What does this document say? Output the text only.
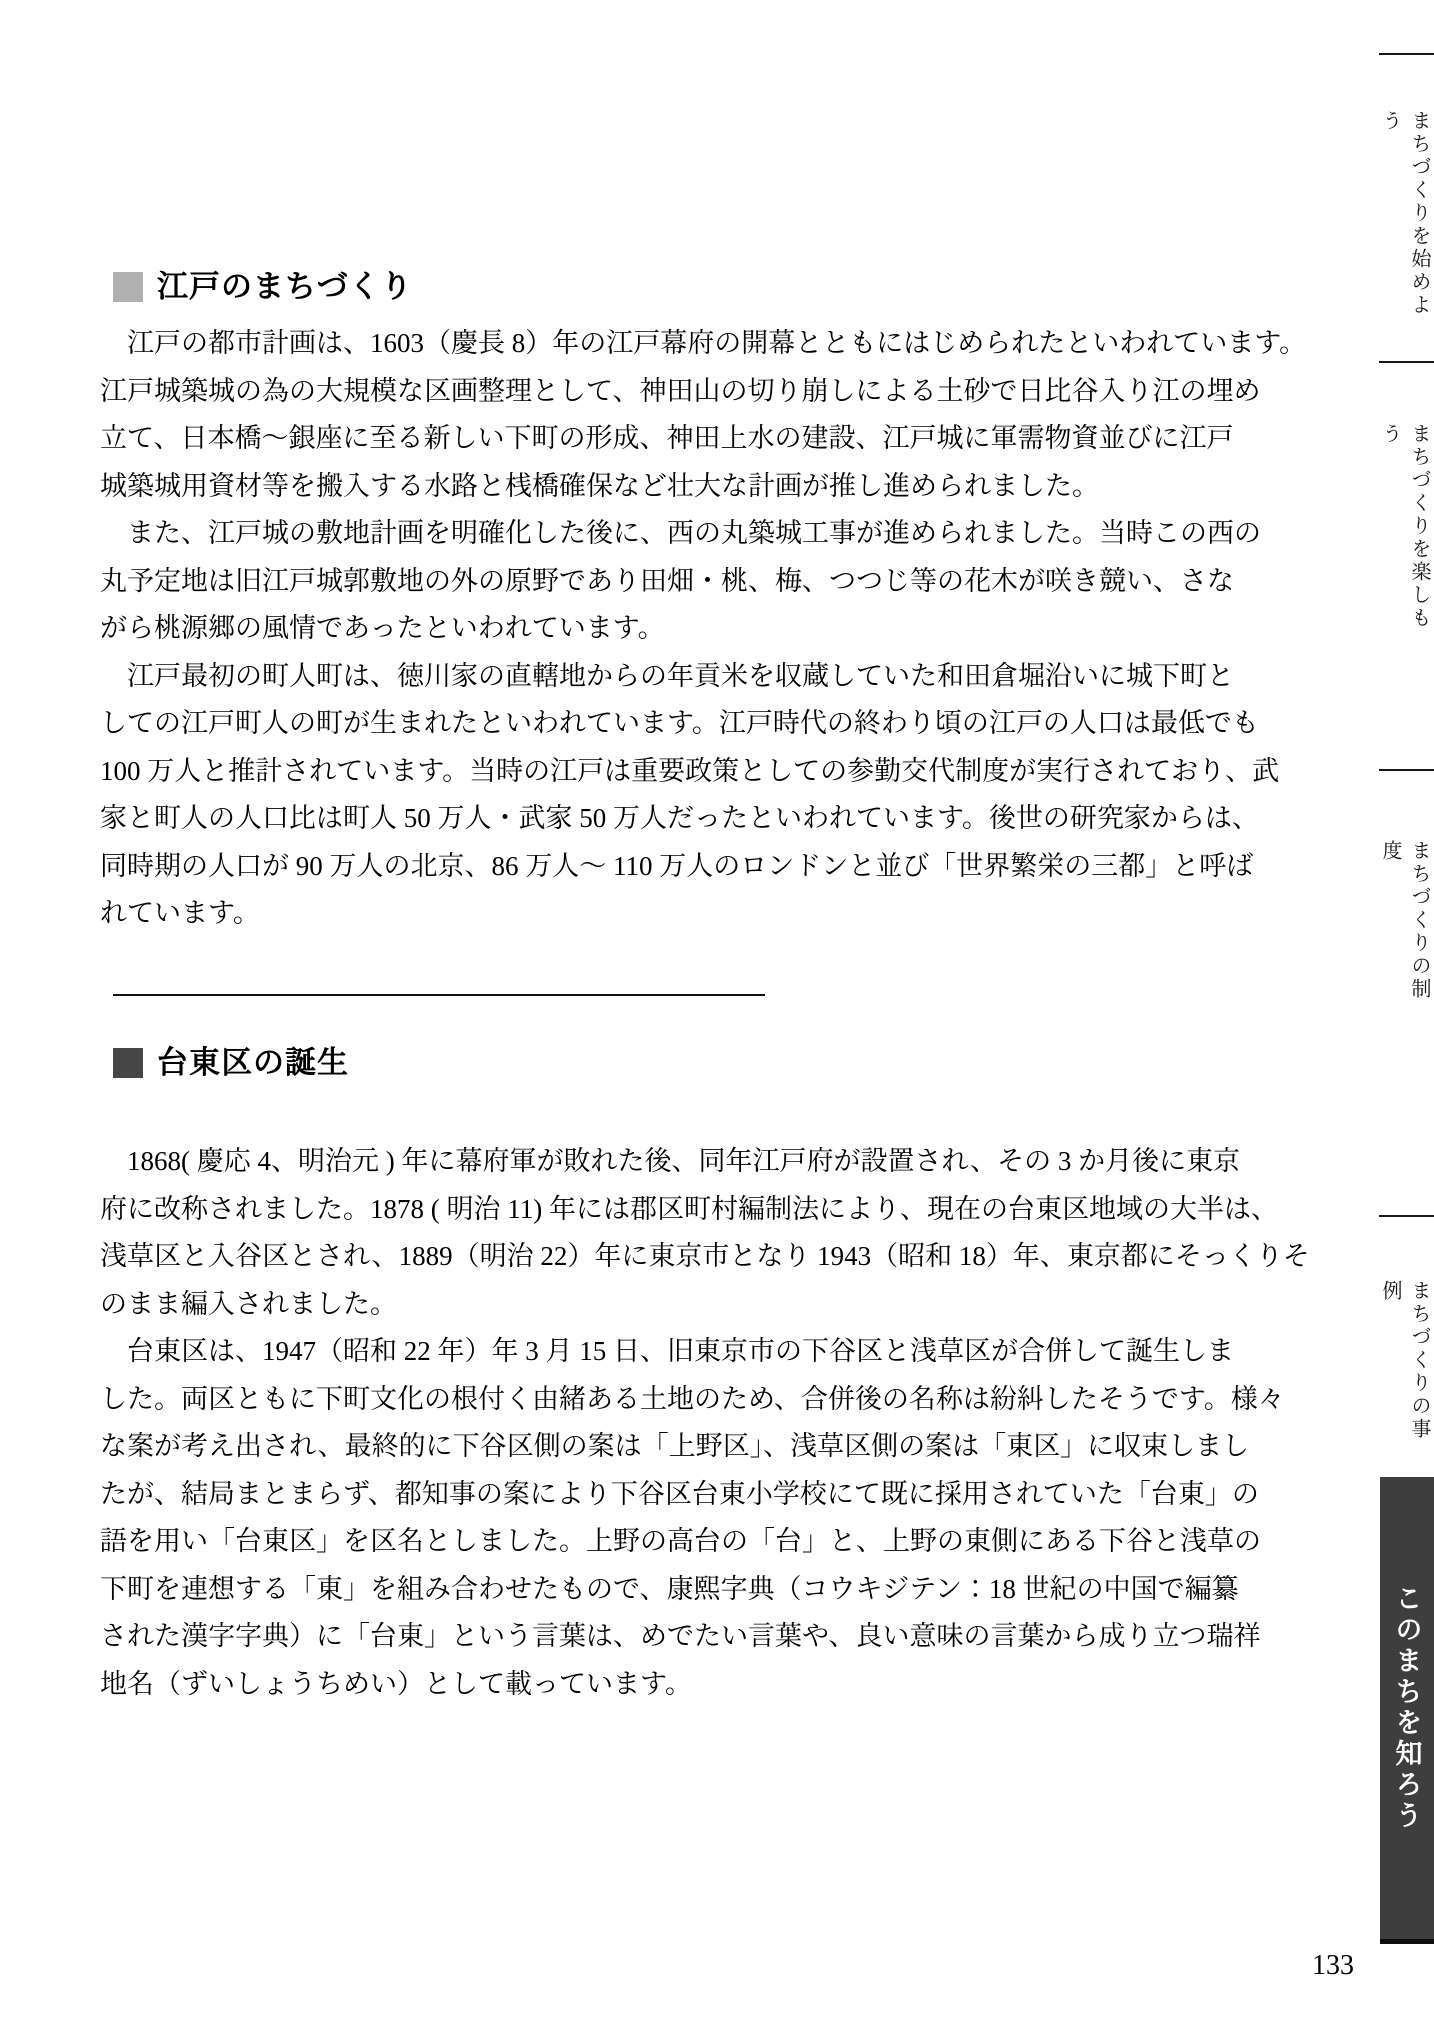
江戸のまちづくり
　江戸の都市計画は、1603（慶長 8）年の江戸幕府の開幕とともにはじめられたといわれています。
江戸城築城の為の大規模な区画整理として、神田山の切り崩しによる土砂で日比谷入り江の埋め
立て、日本橋～銀座に至る新しい下町の形成、神田上水の建設、江戸城に軍需物資並びに江戸
城築城用資材等を搬入する水路と桟橋確保など壮大な計画が推し進められました。
　また、江戸城の敷地計画を明確化した後に、西の丸築城工事が進められました。当時この西の
丸予定地は旧江戸城郭敷地の外の原野であり田畑・桃、梅、つつじ等の花木が咲き競い、さな
がら桃源郷の風情であったといわれています。
　江戸最初の町人町は、徳川家の直轄地からの年貢米を収蔵していた和田倉堀沿いに城下町と
しての江戸町人の町が生まれたといわれています。江戸時代の終わり頃の江戸の人口は最低でも
100 万人と推計されています。当時の江戸は重要政策としての参勤交代制度が実行されており、武
家と町人の人口比は町人 50 万人・武家 50 万人だったといわれています。後世の研究家からは、
同時期の人口が 90 万人の北京、86 万人～ 110 万人のロンドンと並び「世界繁栄の三都」と呼ば
れています。
台東区の誕生
　1868( 慶応 4、明治元 ) 年に幕府軍が敗れた後、同年江戸府が設置され、その 3 か月後に東京
府に改称されました。1878 ( 明治 11) 年には郡区町村編制法により、現在の台東区地域の大半は、
浅草区と入谷区とされ、1889（明治 22）年に東京市となり 1943（昭和 18）年、東京都にそっくりそ
のまま編入されました。
　台東区は、1947（昭和 22 年）年 3 月 15 日、旧東京市の下谷区と浅草区が合併して誕生しま
した。両区ともに下町文化の根付く由緒ある土地のため、合併後の名称は紛糾したそうです。様々
な案が考え出され、最終的に下谷区側の案は「上野区」、浅草区側の案は「東区」に収束しまし
たが、結局まとまらず、都知事の案により下谷区台東小学校にて既に採用されていた「台東」の
語を用い「台東区」を区名としました。上野の高台の「台」と、上野の東側にある下谷と浅草の
下町を連想する「東」を組み合わせたもので、康熙字典（コウキジテン：18 世紀の中国で編纂
された漢字字典）に「台東」という言葉は、めでたい言葉や、良い意味の言葉から成り立つ瑞祥
地名（ずいしょうちめい）として載っています。
まちづくりを始めよう
まちづくりを楽しもう
まちづくりの制度
まちづくりの事例
このまちを知ろう
133
